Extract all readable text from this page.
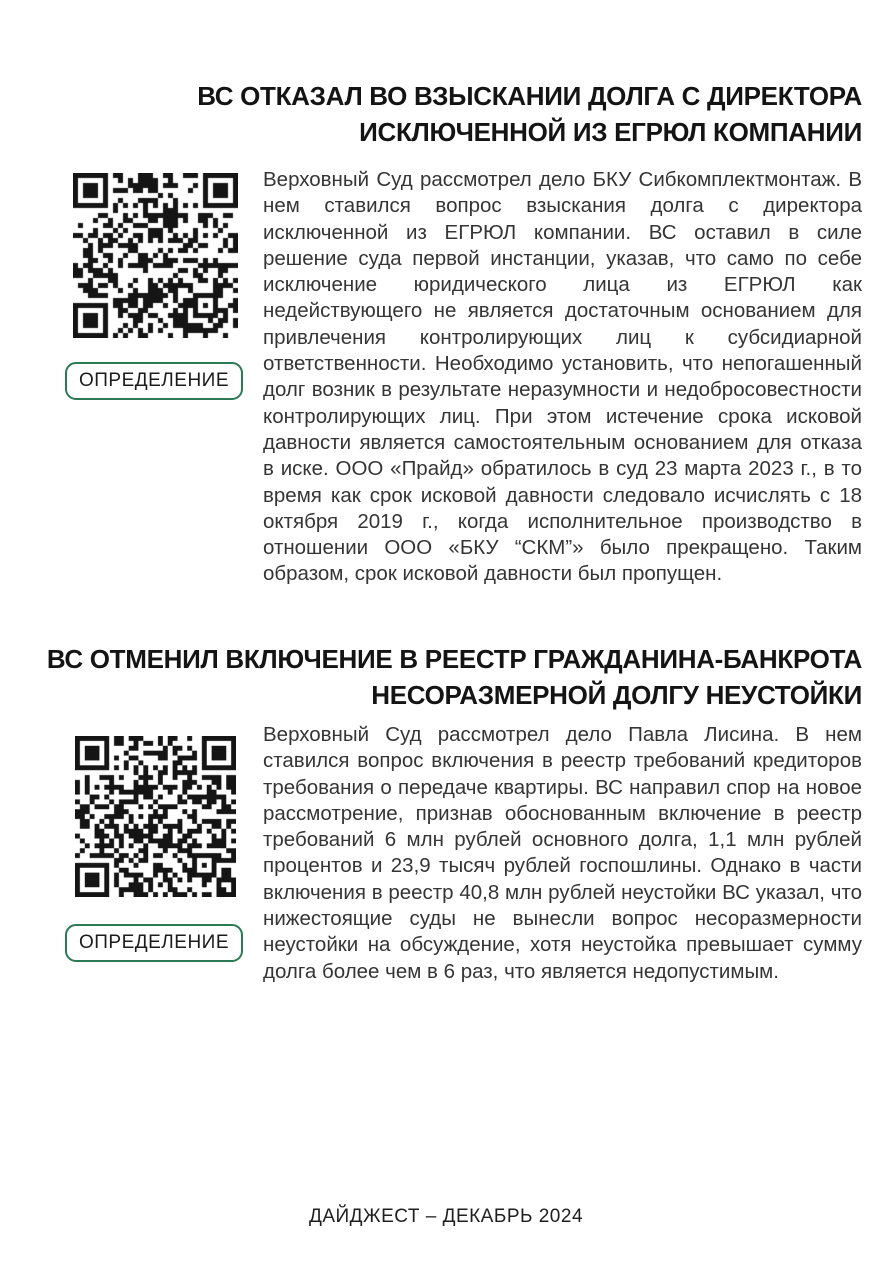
ВС ОТКАЗАЛ ВО ВЗЫСКАНИИ ДОЛГА С ДИРЕКТОРА
ИСКЛЮЧЕННОЙ ИЗ ЕГРЮЛ КОМПАНИИ
ОПРЕДЕЛЕНИЕ
Верховный Суд рассмотрел дело БКУ Сибкомплектмонтаж. В нем ставился вопрос взыскания долга с директора исключенной из ЕГРЮЛ компании. ВС оставил в силе решение суда первой инстанции, указав, что само по себе исключение юридического лица из ЕГРЮЛ как недействующего не является достаточным основанием для привлечения контролирующих лиц к субсидиарной ответственности. Необходимо установить, что непогашенный долг возник в результате неразумности и недобросовестности контролирующих лиц. При этом истечение срока исковой давности является самостоятельным основанием для отказа в иске. ООО «Прайд» обратилось в суд 23 марта 2023 г., в то время как срок исковой давности следовало исчислять с 18 октября 2019 г., когда исполнительное производство в отношении ООО «БКУ “СКМ”» было прекращено. Таким образом, срок исковой давности был пропущен.
ВС ОТМЕНИЛ ВКЛЮЧЕНИЕ В РЕЕСТР ГРАЖДАНИНА-БАНКРОТА
НЕСОРАЗМЕРНОЙ ДОЛГУ НЕУСТОЙКИ
ОПРЕДЕЛЕНИЕ
Верховный Суд рассмотрел дело Павла Лисина. В нем ставился вопрос включения в реестр требований кредиторов требования о передаче квартиры. ВС направил спор на новое рассмотрение, признав обоснованным включение в реестр требований 6 млн рублей основного долга, 1,1 млн рублей процентов и 23,9 тысяч рублей госпошлины. Однако в части включения в реестр 40,8 млн рублей неустойки ВС указал, что нижестоящие суды не вынесли вопрос несоразмерности неустойки на обсуждение, хотя неустойка превышает сумму долга более чем в 6 раз, что является недопустимым.
ДАЙДЖЕСТ – ДЕКАБРЬ 2024
